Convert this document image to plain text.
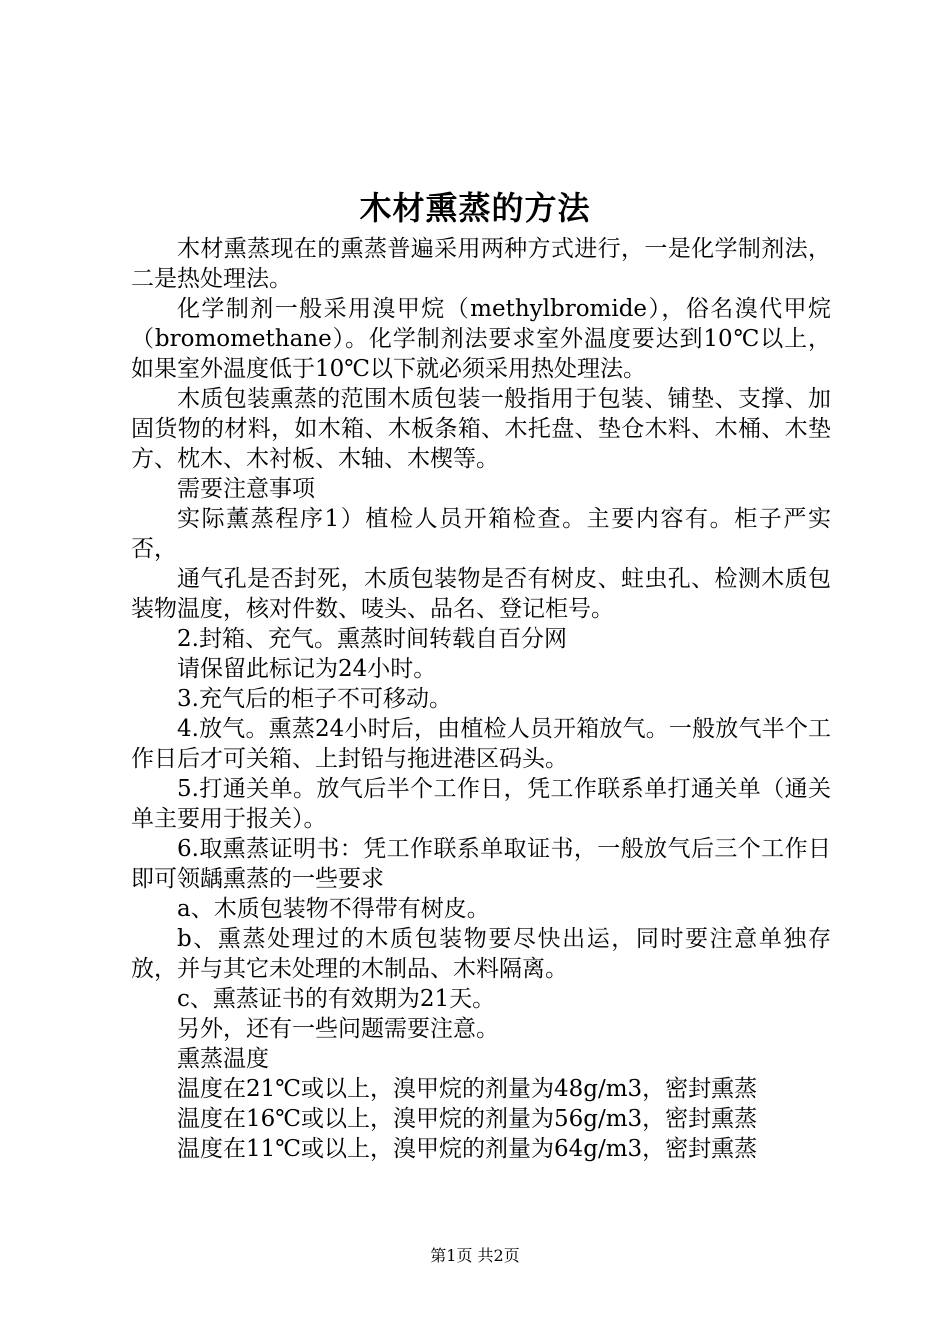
木材熏蒸的方法

木材熏蒸现在的熏蒸普遍采用两种方式进行，一是化学制剂法，二是热处理法。

化学制剂一般采用溴甲烷（methylbromide），俗名溴代甲烷（bromomethane）。化学制剂法要求室外温度要达到10℃以上，如果室外温度低于10℃以下就必须采用热处理法。

木质包装熏蒸的范围木质包装一般指用于包装、铺垫、支撑、加固货物的材料，如木箱、木板条箱、木托盘、垫仓木料、木桶、木垫方、枕木、木衬板、木轴、木楔等。

需要注意事项

实际薰蒸程序1）植检人员开箱检查。主要内容有。柜子严实否，

通气孔是否封死，木质包装物是否有树皮、蛀虫孔、检测木质包装物温度，核对件数、唛头、品名、登记柜号。

2.封箱、充气。熏蒸时间转载自百分网

请保留此标记为24小时。

3.充气后的柜子不可移动。

4.放气。熏蒸24小时后，由植检人员开箱放气。一般放气半个工作日后才可关箱、上封铅与拖进港区码头。

5.打通关单。放气后半个工作日，凭工作联系单打通关单（通关单主要用于报关）。

6.取熏蒸证明书：凭工作联系单取证书，一般放气后三个工作日即可领龋熏蒸的一些要求

a、木质包装物不得带有树皮。

b、熏蒸处理过的木质包装物要尽快出运，同时要注意单独存放，并与其它未处理的木制品、木料隔离。

c、熏蒸证书的有效期为21天。

另外，还有一些问题需要注意。

熏蒸温度

温度在21℃或以上，溴甲烷的剂量为48g/m3，密封熏蒸

温度在16℃或以上，溴甲烷的剂量为56g/m3，密封熏蒸

温度在11℃或以上，溴甲烷的剂量为64g/m3，密封熏蒸

第1页 共2页
